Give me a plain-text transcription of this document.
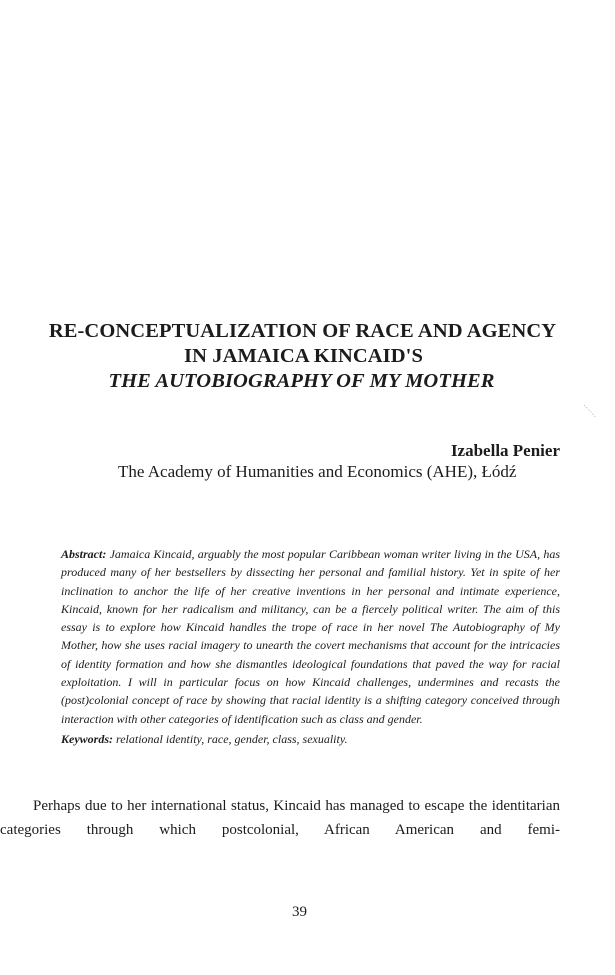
RE-CONCEPTUALIZATION OF RACE AND AGENCY
IN JAMAICA KINCAID'S
THE AUTOBIOGRAPHY OF MY MOTHER
Izabella Penier
The Academy of Humanities and Economics (AHE), Łódź
Abstract: Jamaica Kincaid, arguably the most popular Caribbean woman writer living in the USA, has produced many of her bestsellers by dissecting her personal and familial history. Yet in spite of her inclination to anchor the life of her creative inventions in her personal and intimate experience, Kincaid, known for her radicalism and militancy, can be a fiercely political writer. The aim of this essay is to explore how Kincaid handles the trope of race in her novel The Autobiography of My Mother, how she uses racial imagery to unearth the covert mechanisms that account for the intricacies of identity formation and how she dismantles ideological foundations that paved the way for racial exploitation. I will in particular focus on how Kincaid challenges, undermines and recasts the (post)colonial concept of race by showing that racial identity is a shifting category conceived through interaction with other categories of identification such as class and gender.
Keywords: relational identity, race, gender, class, sexuality.
Perhaps due to her international status, Kincaid has managed to escape the identitarian categories through which postcolonial, African American and femi-
39
